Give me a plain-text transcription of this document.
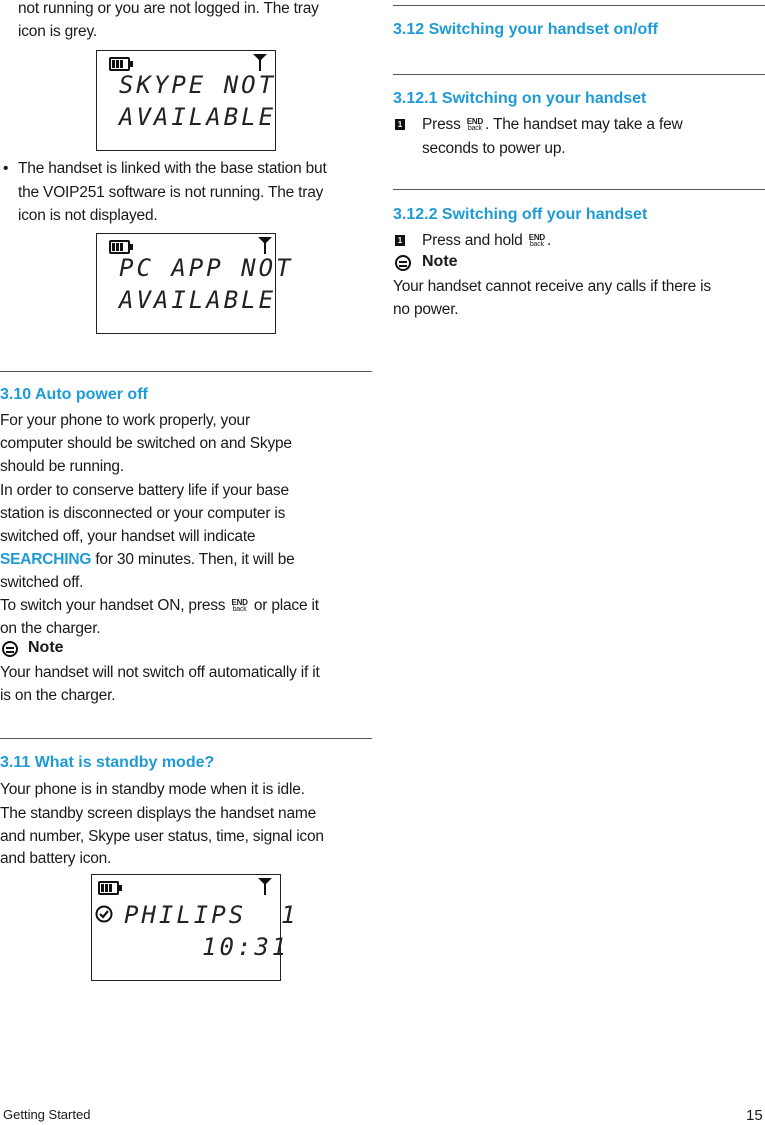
not running or you are not logged in. The tray
icon is grey.
SKYPE NOT
AVAILABLE
• The handset is linked with the base station but
the VOIP251 software is not running. The tray
icon is not displayed.
PC APP NOT
AVAILABLE
3.10 Auto power off
For your phone to work properly, your
computer should be switched on and Skype
should be running.
In order to conserve battery life if your base
station is disconnected or your computer is
switched off, your handset will indicate
SEARCHING for 30 minutes. Then, it will be
switched off.
To switch your handset ON, press END
back or place it
on the charger.
Note
Your handset will not switch off automatically if it
is on the charger.
3.11 What is standby mode?
Your phone is in standby mode when it is idle.
The standby screen displays the handset name
and number, Skype user status, time, signal icon
and battery icon.
PHILIPS  1
10:31
3.12 Switching your handset on/off
3.12.1 Switching on your handset
1 Press END
back . The handset may take a few
seconds to power up.
3.12.2 Switching off your handset
1 Press and hold END
back .
Note
Your handset cannot receive any calls if there is
no power.
Getting Started	15
